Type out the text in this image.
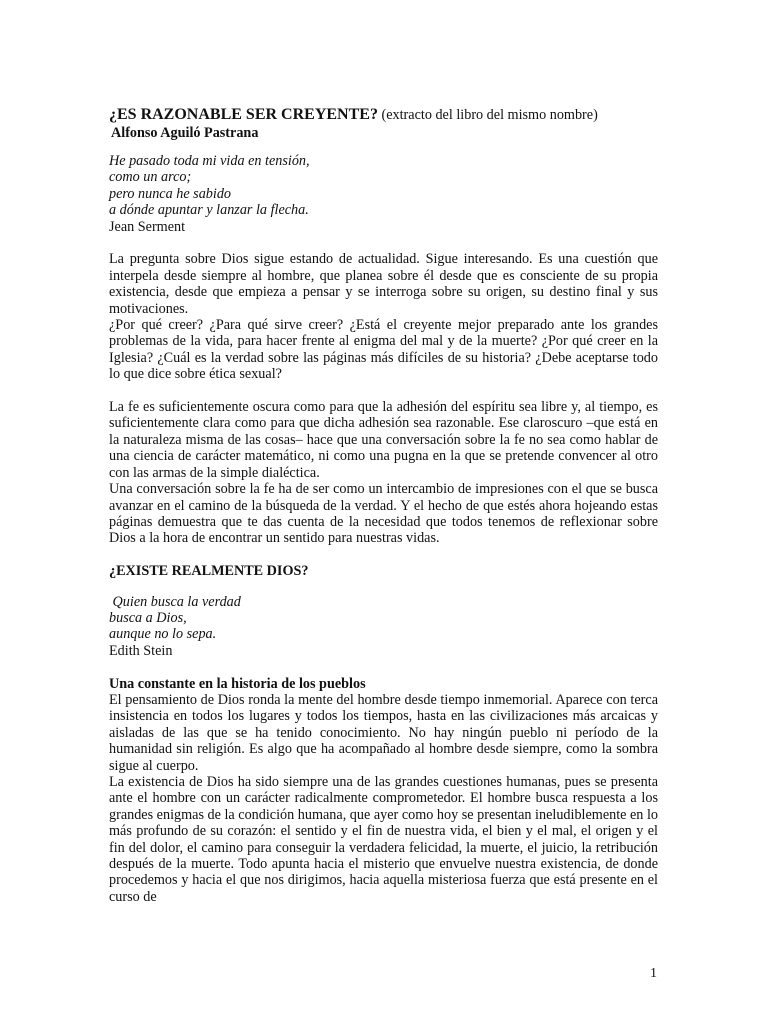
¿ES RAZONABLE SER CREYENTE? (extracto del libro del mismo nombre)
Alfonso Aguiló Pastrana
He pasado toda mi vida en tensión,
como un arco;
pero nunca he sabido
a dónde apuntar y lanzar la flecha.
Jean Serment

La pregunta sobre Dios sigue estando de actualidad. Sigue interesando. Es una cuestión que interpela desde siempre al hombre, que planea sobre él desde que es consciente de su propia existencia, desde que empieza a pensar y se interroga sobre su origen, su destino final y sus motivaciones.

¿Por qué creer? ¿Para qué sirve creer? ¿Está el creyente mejor preparado ante los grandes problemas de la vida, para hacer frente al enigma del mal y de la muerte? ¿Por qué creer en la Iglesia? ¿Cuál es la verdad sobre las páginas más difíciles de su historia? ¿Debe aceptarse todo lo que dice sobre ética sexual?

La fe es suficientemente oscura como para que la adhesión del espíritu sea libre y, al tiempo, es suficientemente clara como para que dicha adhesión sea razonable. Ese claroscuro –que está en la naturaleza misma de las cosas– hace que una conversación sobre la fe no sea como hablar de una ciencia de carácter matemático, ni como una pugna en la que se pretende convencer al otro con las armas de la simple dialéctica.

Una conversación sobre la fe ha de ser como un intercambio de impresiones con el que se busca avanzar en el camino de la búsqueda de la verdad. Y el hecho de que estés ahora hojeando estas páginas demuestra que te das cuenta de la necesidad que todos tenemos de reflexionar sobre Dios a la hora de encontrar un sentido para nuestras vidas.

¿EXISTE REALMENTE DIOS?
Quien busca la verdad
busca a Dios,
aunque no lo sepa.
Edith Stein
Una constante en la historia de los pueblos

El pensamiento de Dios ronda la mente del hombre desde tiempo inmemorial. Aparece con terca insistencia en todos los lugares y todos los tiempos, hasta en las civilizaciones más arcaicas y aisladas de las que se ha tenido conocimiento. No hay ningún pueblo ni período de la humanidad sin religión. Es algo que ha acompañado al hombre desde siempre, como la sombra sigue al cuerpo.

La existencia de Dios ha sido siempre una de las grandes cuestiones humanas, pues se presenta ante el hombre con un carácter radicalmente comprometedor. El hombre busca respuesta a los grandes enigmas de la condición humana, que ayer como hoy se presentan ineludiblemente en lo más profundo de su corazón: el sentido y el fin de nuestra vida, el bien y el mal, el origen y el fin del dolor, el camino para conseguir la verdadera felicidad, la muerte, el juicio, la retribución después de la muerte. Todo apunta hacia el misterio que envuelve nuestra existencia, de donde procedemos y hacia el que nos dirigimos, hacia aquella misteriosa fuerza que está presente en el curso de

1
